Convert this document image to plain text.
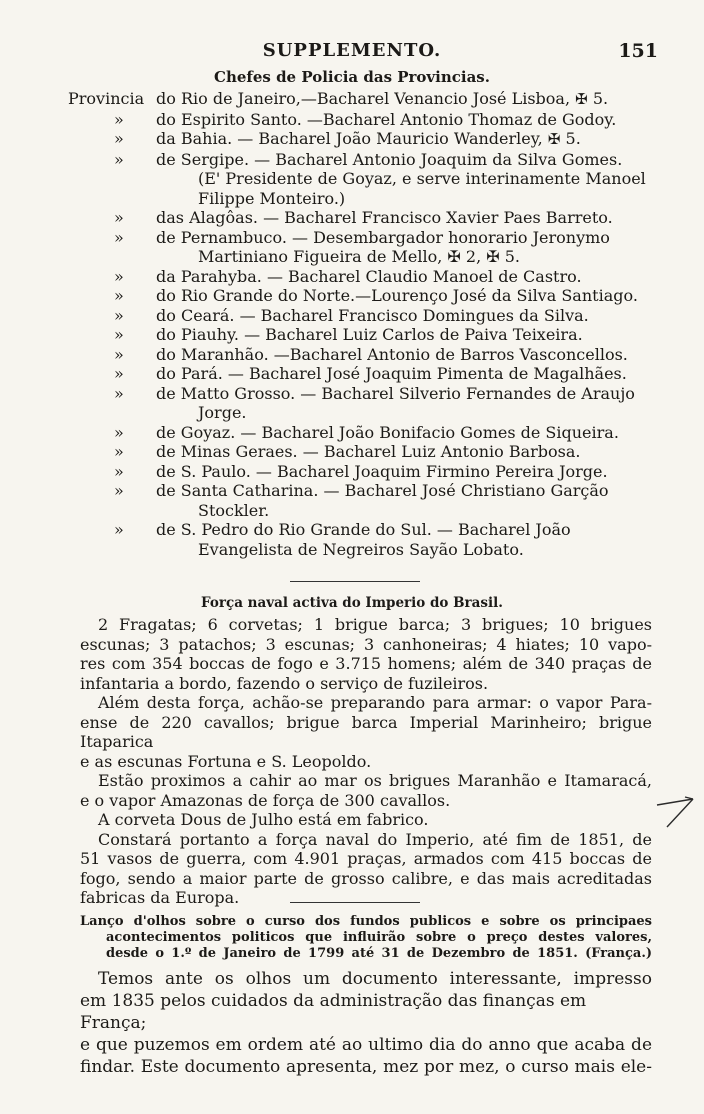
SUPPLEMENTO.	151
Chefes de Policia das Provincias.
Provincia do Rio de Janeiro,—Bacharel Venancio José Lisboa, ✠ 5.
»	do Espirito Santo. —Bacharel Antonio Thomaz de Godoy.
»	da Bahia. — Bacharel João Mauricio Wanderley, ✠ 5.
»	de Sergipe. — Bacharel Antonio Joaquim da Silva Gomes.
(E' Presidente de Goyaz, e serve interinamente Manoel
Filippe Monteiro.)
»	das Alagôas. — Bacharel Francisco Xavier Paes Barreto.
»	de Pernambuco. — Desembargador honorario Jeronymo
Martiniano Figueira de Mello, ✠ 2, ✠ 5.
»	da Parahyba. — Bacharel Claudio Manoel de Castro.
»	do Rio Grande do Norte.—Lourenço José da Silva Santiago.
»	do Ceará. — Bacharel Francisco Domingues da Silva.
»	do Piauhy. — Bacharel Luiz Carlos de Paiva Teixeira.
»	do Maranhão. —Bacharel Antonio de Barros Vasconcellos.
»	do Pará. — Bacharel José Joaquim Pimenta de Magalhães.
»	de Matto Grosso. — Bacharel Silverio Fernandes de Araujo
Jorge.
»	de Goyaz. — Bacharel João Bonifacio Gomes de Siqueira.
»	de Minas Geraes. — Bacharel Luiz Antonio Barbosa.
»	de S. Paulo. — Bacharel Joaquim Firmino Pereira Jorge.
»	de Santa Catharina. — Bacharel José Christiano Garção
Stockler.
»	de S. Pedro do Rio Grande do Sul. — Bacharel João
Evangelista de Negreiros Sayão Lobato.
Força naval activa do Imperio do Brasil.

2 Fragatas; 6 corvetas; 1 brigue barca; 3 brigues; 10 brigues
escunas; 3 patachos; 3 escunas; 3 canhoneiras; 4 hiates; 10 vapo-
res com 354 boccas de fogo e 3.715 homens; além de 340 praças de
infantaria a bordo, fazendo o serviço de fuzileiros.

Além desta força, achão-se preparando para armar: o vapor Para-
ense de 220 cavallos; brigue barca Imperial Marinheiro; brigue Itaparica
e as escunas Fortuna e S. Leopoldo.

Estão proximos a cahir ao mar os brigues Maranhão e Itamaracá,
e o vapor Amazonas de força de 300 cavallos.

A corveta Dous de Julho está em fabrico.

Constará portanto a força naval do Imperio, até fim de 1851, de
51 vasos de guerra, com 4.901 praças, armados com 415 boccas de
fogo, sendo a maior parte de grosso calibre, e das mais acreditadas
fabricas da Europa.

Lanço d'olhos sobre o curso dos fundos publicos e sobre os principaes
acontecimentos politicos que influirão sobre o preço destes valores,
desde o 1.º de Janeiro de 1799 até 31 de Dezembro de 1851. (França.)
Temos ante os olhos um documento interessante, impresso
em 1835 pelos cuidados da administração das finanças em França;
e que puzemos em ordem até ao ultimo dia do anno que acaba de
findar. Este documento apresenta, mez por mez, o curso mais ele-
